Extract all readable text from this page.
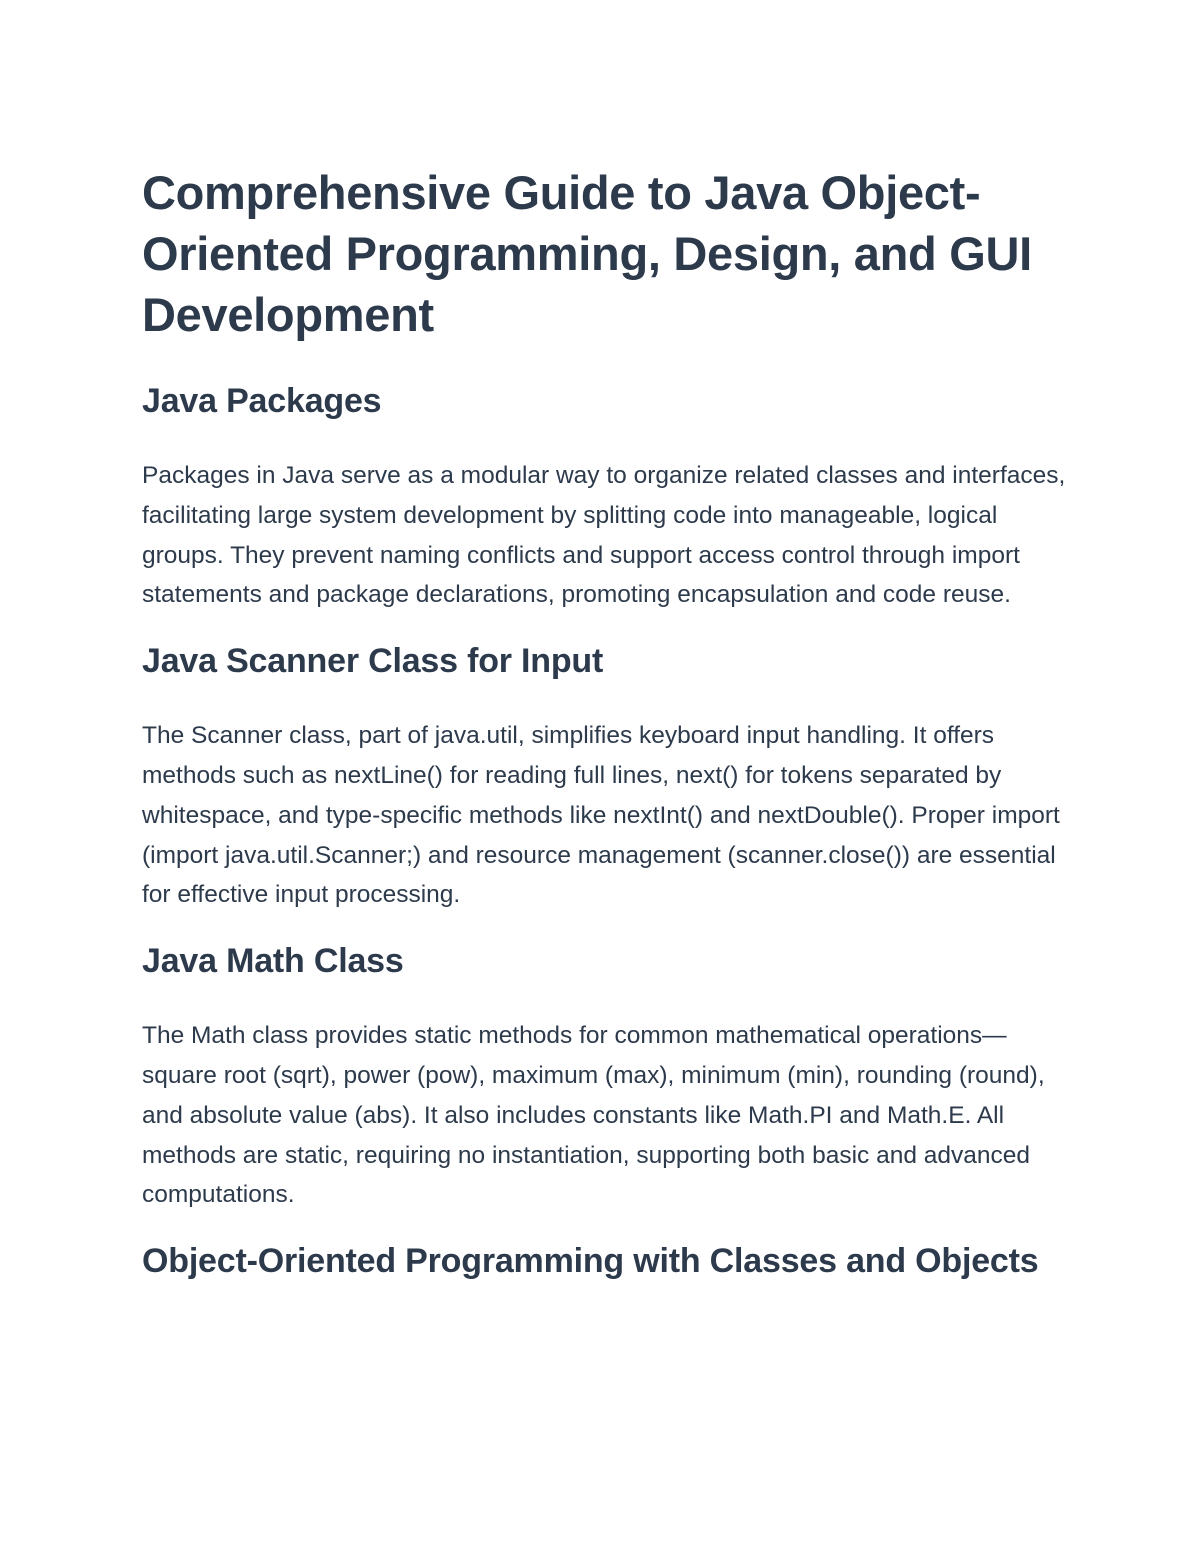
Comprehensive Guide to Java Object-Oriented Programming, Design, and GUI Development
Java Packages

Packages in Java serve as a modular way to organize related classes and interfaces, facilitating large system development by splitting code into manageable, logical groups. They prevent naming conflicts and support access control through import statements and package declarations, promoting encapsulation and code reuse.

Java Scanner Class for Input

The Scanner class, part of java.util, simplifies keyboard input handling. It offers methods such as nextLine() for reading full lines, next() for tokens separated by whitespace, and type-specific methods like nextInt() and nextDouble(). Proper import (import java.util.Scanner;) and resource management (scanner.close()) are essential for effective input processing.

Java Math Class

The Math class provides static methods for common mathematical operations—square root (sqrt), power (pow), maximum (max), minimum (min), rounding (round), and absolute value (abs). It also includes constants like Math.PI and Math.E. All methods are static, requiring no instantiation, supporting both basic and advanced computations.

Object-Oriented Programming with Classes and Objects
